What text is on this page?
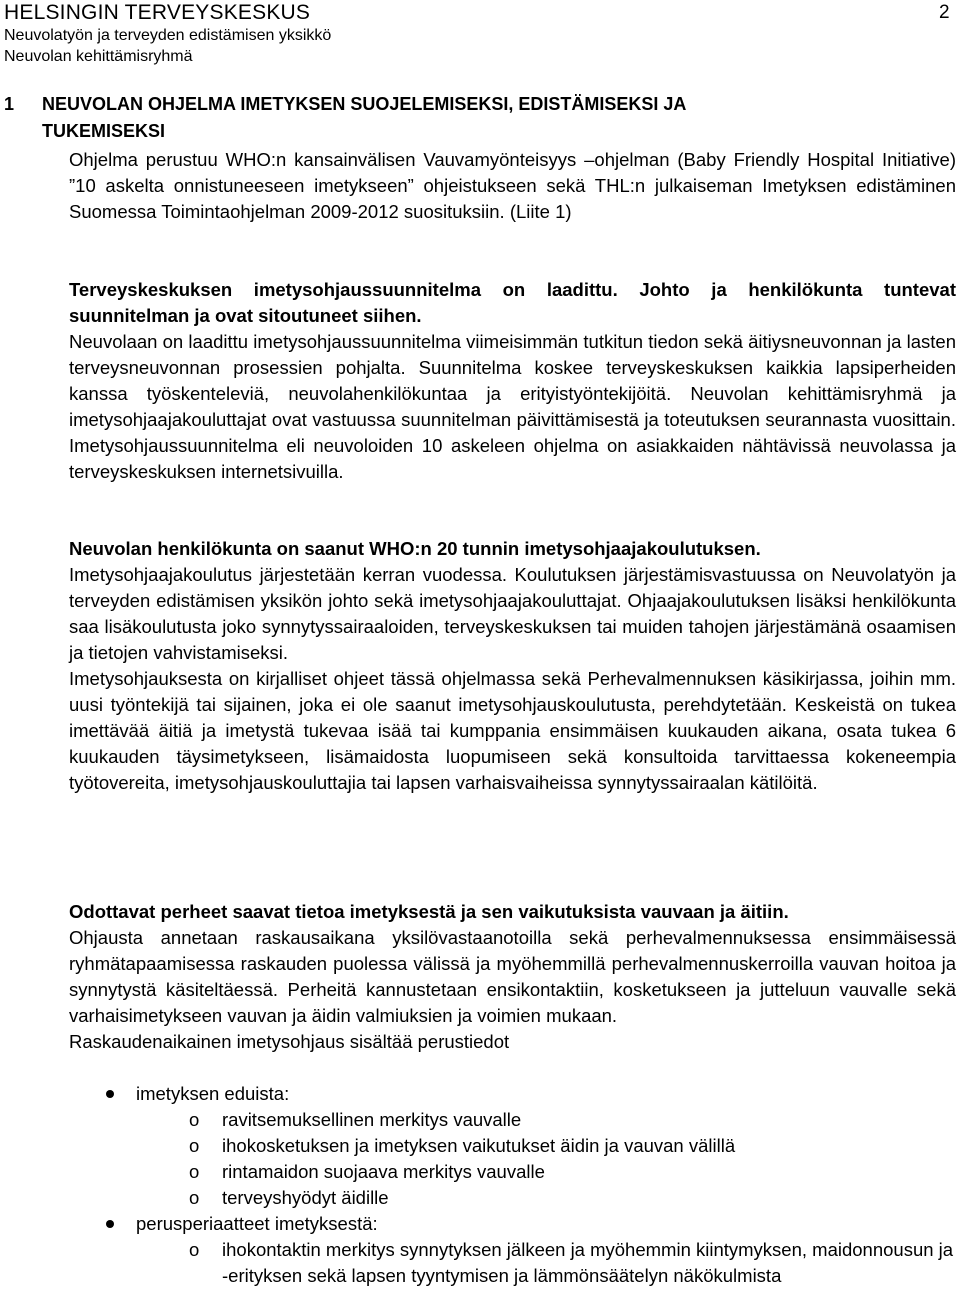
HELSINGIN TERVEYSKESKUS
Neuvolatyön ja terveyden edistämisen yksikkö
Neuvolan kehittämisryhmä
2
1 NEUVOLAN OHJELMA IMETYKSEN SUOJELEMISEKSI, EDISTÄMISEKSI JA
TUKEMISEKSI
Ohjelma perustuu WHO:n kansainvälisen Vauvamyönteisyys –ohjelman (Baby Friendly Hospital Initiative) ”10 askelta onnistuneeseen imetykseen” ohjeistukseen sekä THL:n julkaiseman Imetyksen edistäminen Suomessa Toimintaohjelman 2009-2012 suosituksiin. (Liite 1)
Terveyskeskuksen imetysohjaussuunnitelma on laadittu. Johto ja henkilökunta tuntevat suunnitelman ja ovat sitoutuneet siihen.
Neuvolaan on laadittu imetysohjaussuunnitelma viimeisimmän tutkitun tiedon sekä äitiysneuvonnan ja lasten terveysneuvonnan prosessien pohjalta. Suunnitelma koskee terveyskeskuksen kaikkia lapsiperheiden kanssa työskenteleviä, neuvolahenkilökuntaa ja erityistyöntekijöitä. Neuvolan kehittämisryhmä ja imetysohjaajakouluttajat ovat vastuussa suunnitelman päivittämisestä ja toteutuksen seurannasta vuosittain. Imetysohjaussuunnitelma eli neuvoloiden 10 askeleen ohjelma on asiakkaiden nähtävissä neuvolassa ja terveyskeskuksen internetsivuilla.
Neuvolan henkilökunta on saanut WHO:n 20 tunnin imetysohjaajakoulutuksen.
Imetysohjaajakoulutus järjestetään kerran vuodessa. Koulutuksen järjestämisvastuussa on Neuvolatyön ja terveyden edistämisen yksikön johto sekä imetysohjaajakouluttajat. Ohjaajakoulutuksen lisäksi henkilökunta saa lisäkoulutusta joko synnytyssairaaloiden, terveyskeskuksen tai muiden tahojen järjestämänä osaamisen ja tietojen vahvistamiseksi.
Imetysohjauksesta on kirjalliset ohjeet tässä ohjelmassa sekä Perhevalmennuksen käsikirjassa, joihin mm. uusi työntekijä tai sijainen, joka ei ole saanut imetysohjauskoulutusta, perehdytetään. Keskeistä on tukea imettävää äitiä ja imetystä tukevaa isää tai kumppania ensimmäisen kuukauden aikana, osata tukea 6 kuukauden täysimetykseen, lisämaidosta luopumiseen sekä konsultoida tarvittaessa kokeneempia työtovereita, imetysohjauskouluttajia tai lapsen varhaisvaiheissa synnytyssairaalan kätilöitä.
Odottavat perheet saavat tietoa imetyksestä ja sen vaikutuksista vauvaan ja äitiin.
Ohjausta annetaan raskausaikana yksilövastaanotoilla sekä perhevalmennuksessa ensimmäisessä ryhmätapaamisessa raskauden puolessa välissä ja myöhemmillä perhevalmennuskerroilla vauvan hoitoa ja synnytystä käsiteltäessä. Perheitä kannustetaan ensikontaktiin, kosketukseen ja jutteluun vauvalle sekä varhaisimetykseen vauvan ja äidin valmiuksien ja voimien mukaan.
Raskaudenaikainen imetysohjaus sisältää perustiedot
imetyksen eduista:
o ravitsemuksellinen merkitys vauvalle
o ihokosketuksen ja imetyksen vaikutukset äidin ja vauvan välillä
o rintamaidon suojaava merkitys vauvalle
o terveyshyödyt äidille
perusperiaatteet imetyksestä:
o ihokontaktin merkitys synnytyksen jälkeen ja myöhemmin kiintymyksen, maidonnousun ja -erityksen sekä lapsen tyyntymisen ja lämmönsäätelyn näkökulmista
